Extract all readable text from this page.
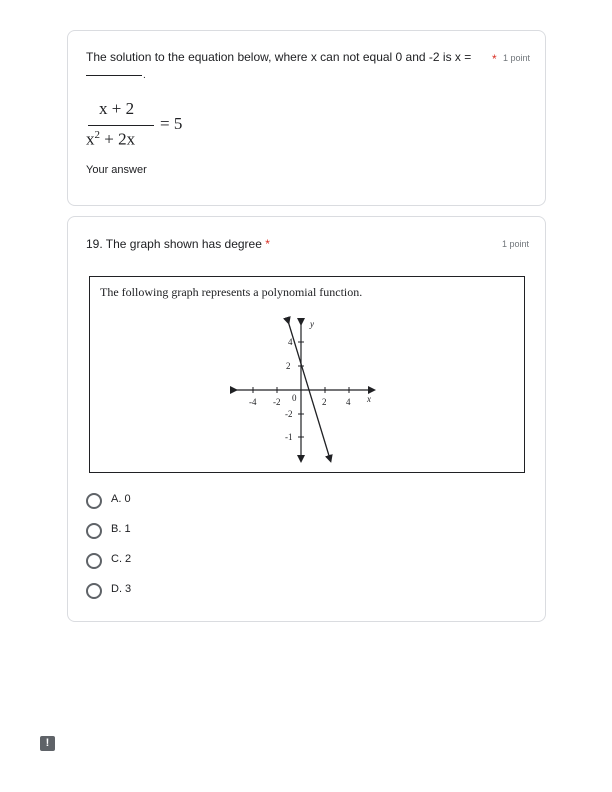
The solution to the equation below, where x can not equal 0 and -2 is x = * 1 point
.
x + 2
$x^2 + 2x$
= 5
Your answer
19. The graph shown has degree *	1 point
The following graph represents a polynomial function.
y
x
0
-4 -2	2 4
4
2
-2
-1
A. 0
B. 1
C. 2
D. 3
!
